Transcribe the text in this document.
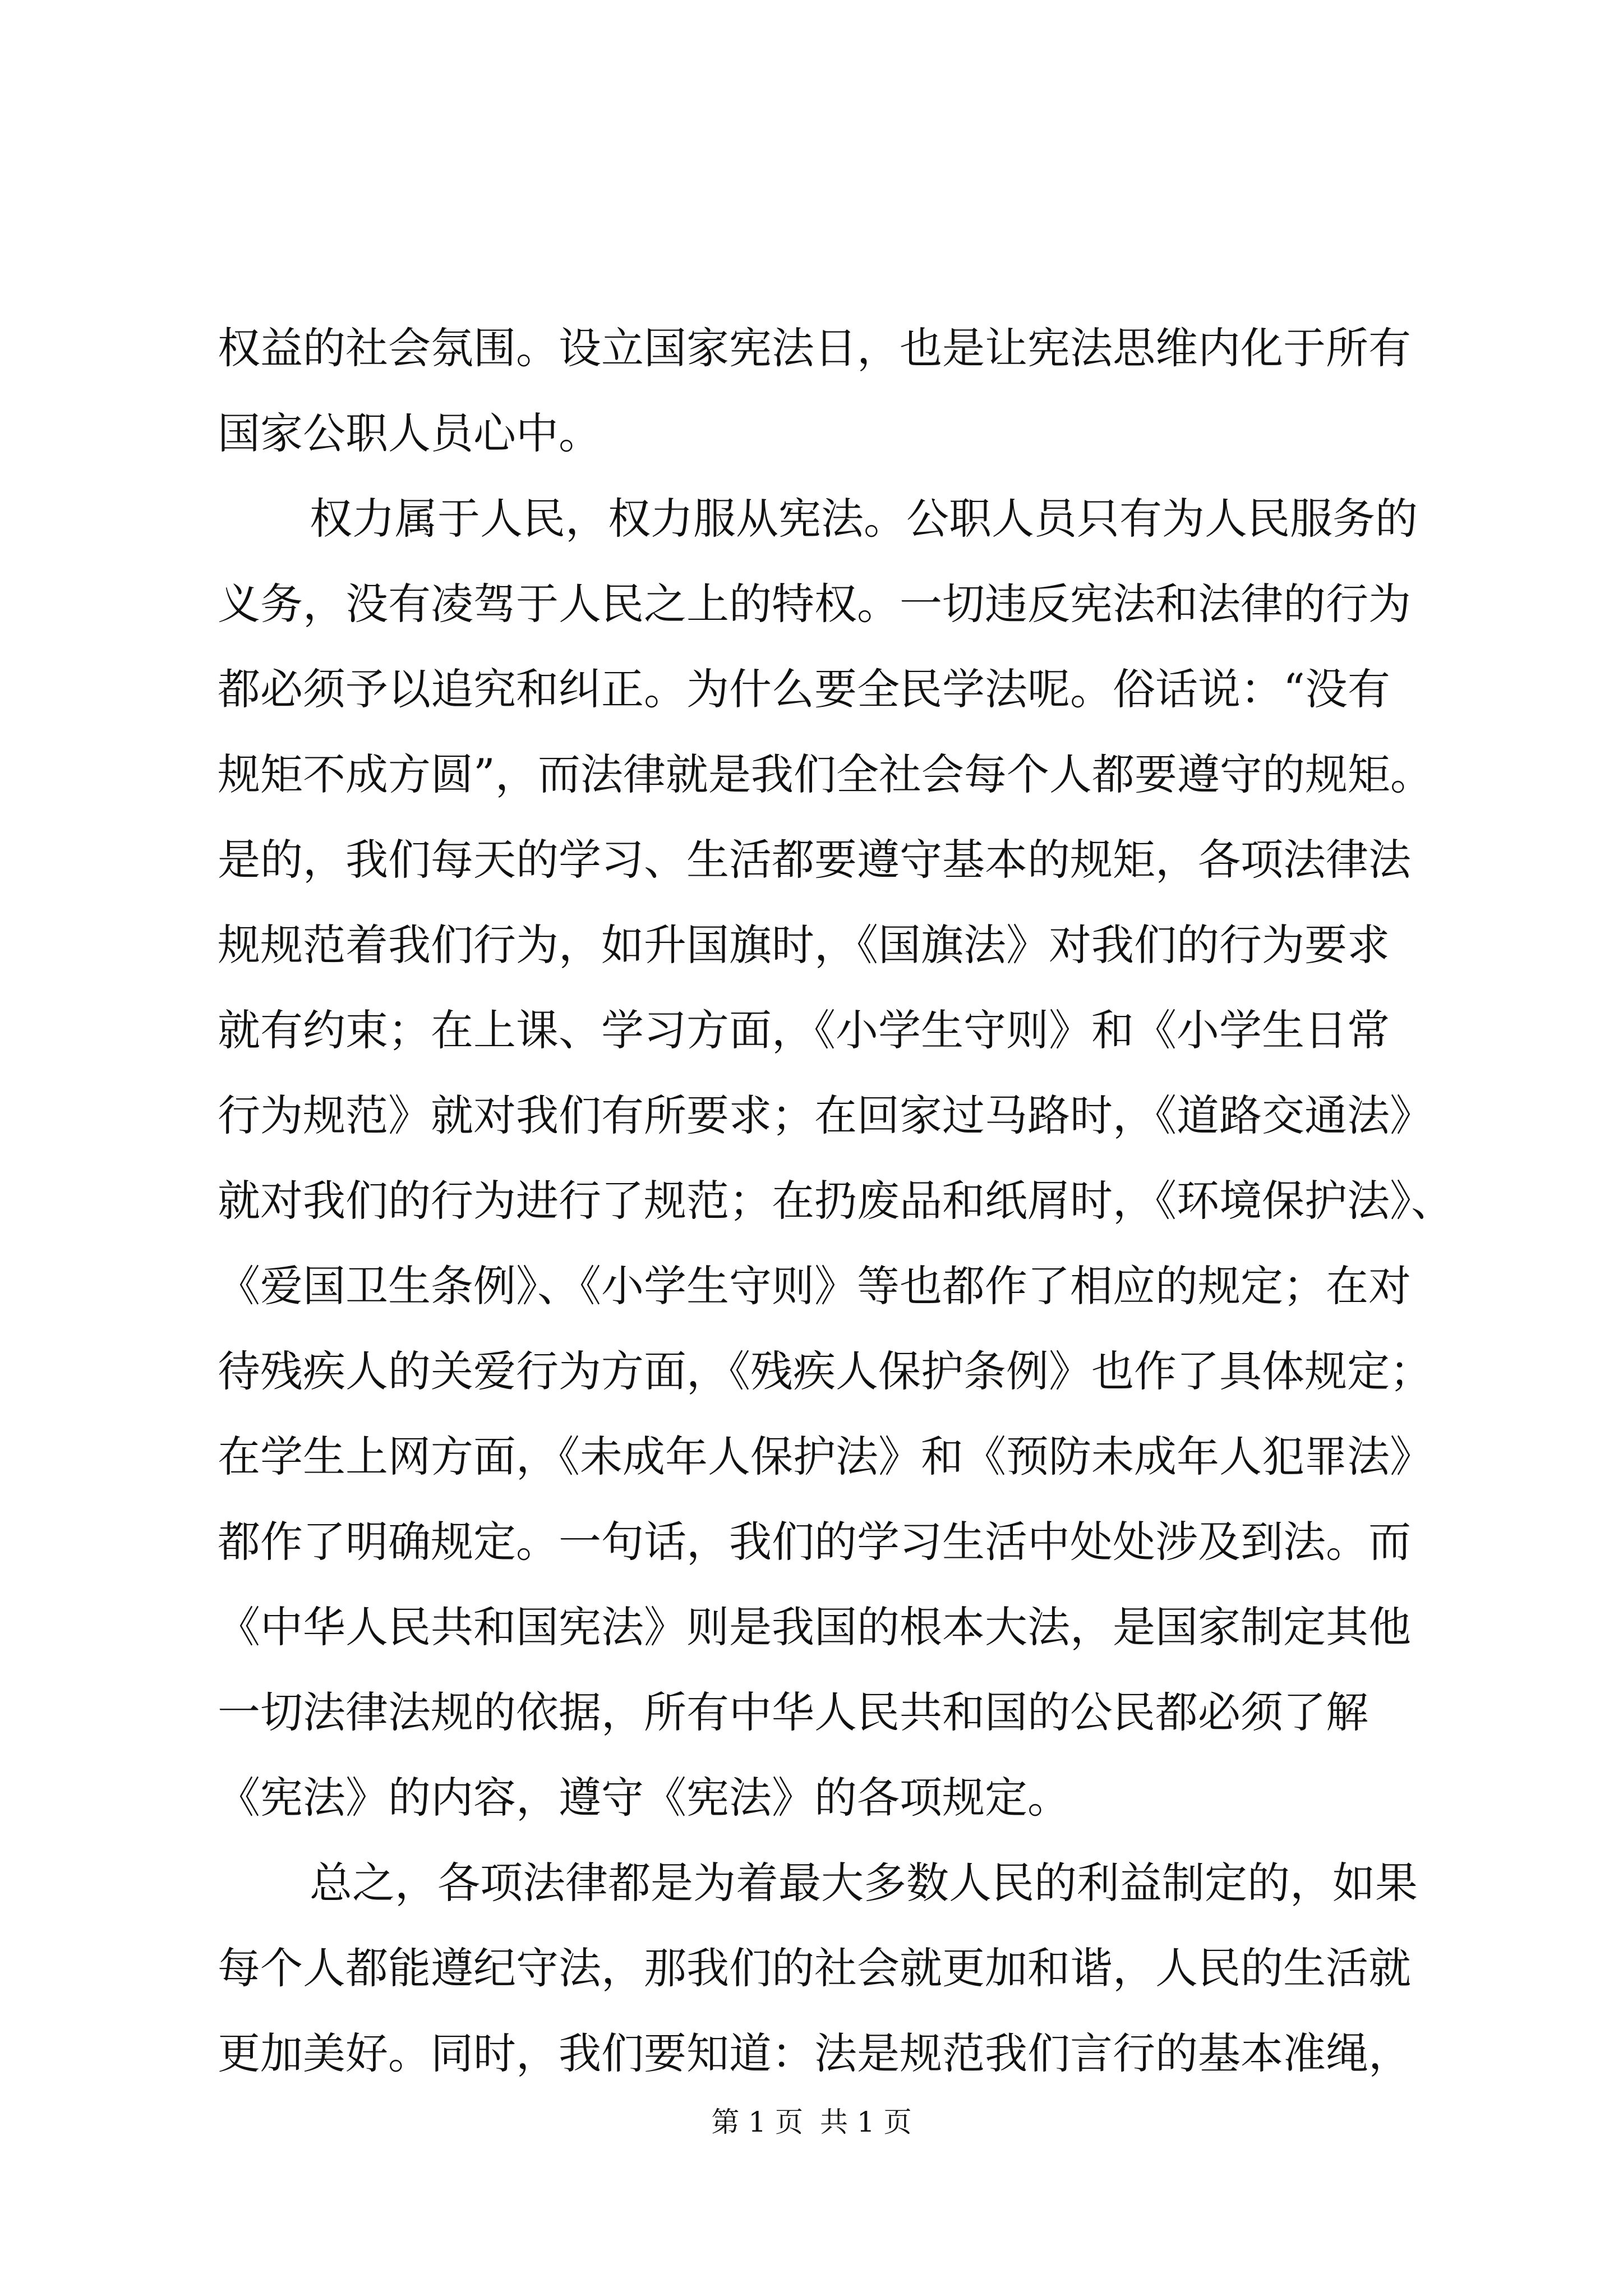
权益的社会氛围。设立国家宪法日，也是让宪法思维内化于所有
国家公职人员心中。
权力属于人民，权力服从宪法。公职人员只有为人民服务的
义务，没有凌驾于人民之上的特权。一切违反宪法和法律的行为
都必须予以追究和纠正。为什么要全民学法呢。俗话说：“没有
规矩不成方圆”，而法律就是我们全社会每个人都要遵守的规矩。
是的，我们每天的学习、生活都要遵守基本的规矩，各项法律法
规规范着我们行为，如升国旗时，《国旗法》对我们的行为要求
就有约束；在上课、学习方面，《小学生守则》和《小学生日常
行为规范》就对我们有所要求；在回家过马路时，《道路交通法》
就对我们的行为进行了规范；在扔废品和纸屑时，《环境保护法》、
《爱国卫生条例》、《小学生守则》等也都作了相应的规定；在对
待残疾人的关爱行为方面，《残疾人保护条例》也作了具体规定；
在学生上网方面，《未成年人保护法》和《预防未成年人犯罪法》
都作了明确规定。一句话，我们的学习生活中处处涉及到法。而
《中华人民共和国宪法》则是我国的根本大法，是国家制定其他
一切法律法规的依据，所有中华人民共和国的公民都必须了解
《宪法》的内容，遵守《宪法》的各项规定。
总之，各项法律都是为着最大多数人民的利益制定的，如果
每个人都能遵纪守法，那我们的社会就更加和谐，人民的生活就
更加美好。同时，我们要知道：法是规范我们言行的基本准绳，
第 1 页 共 1 页
